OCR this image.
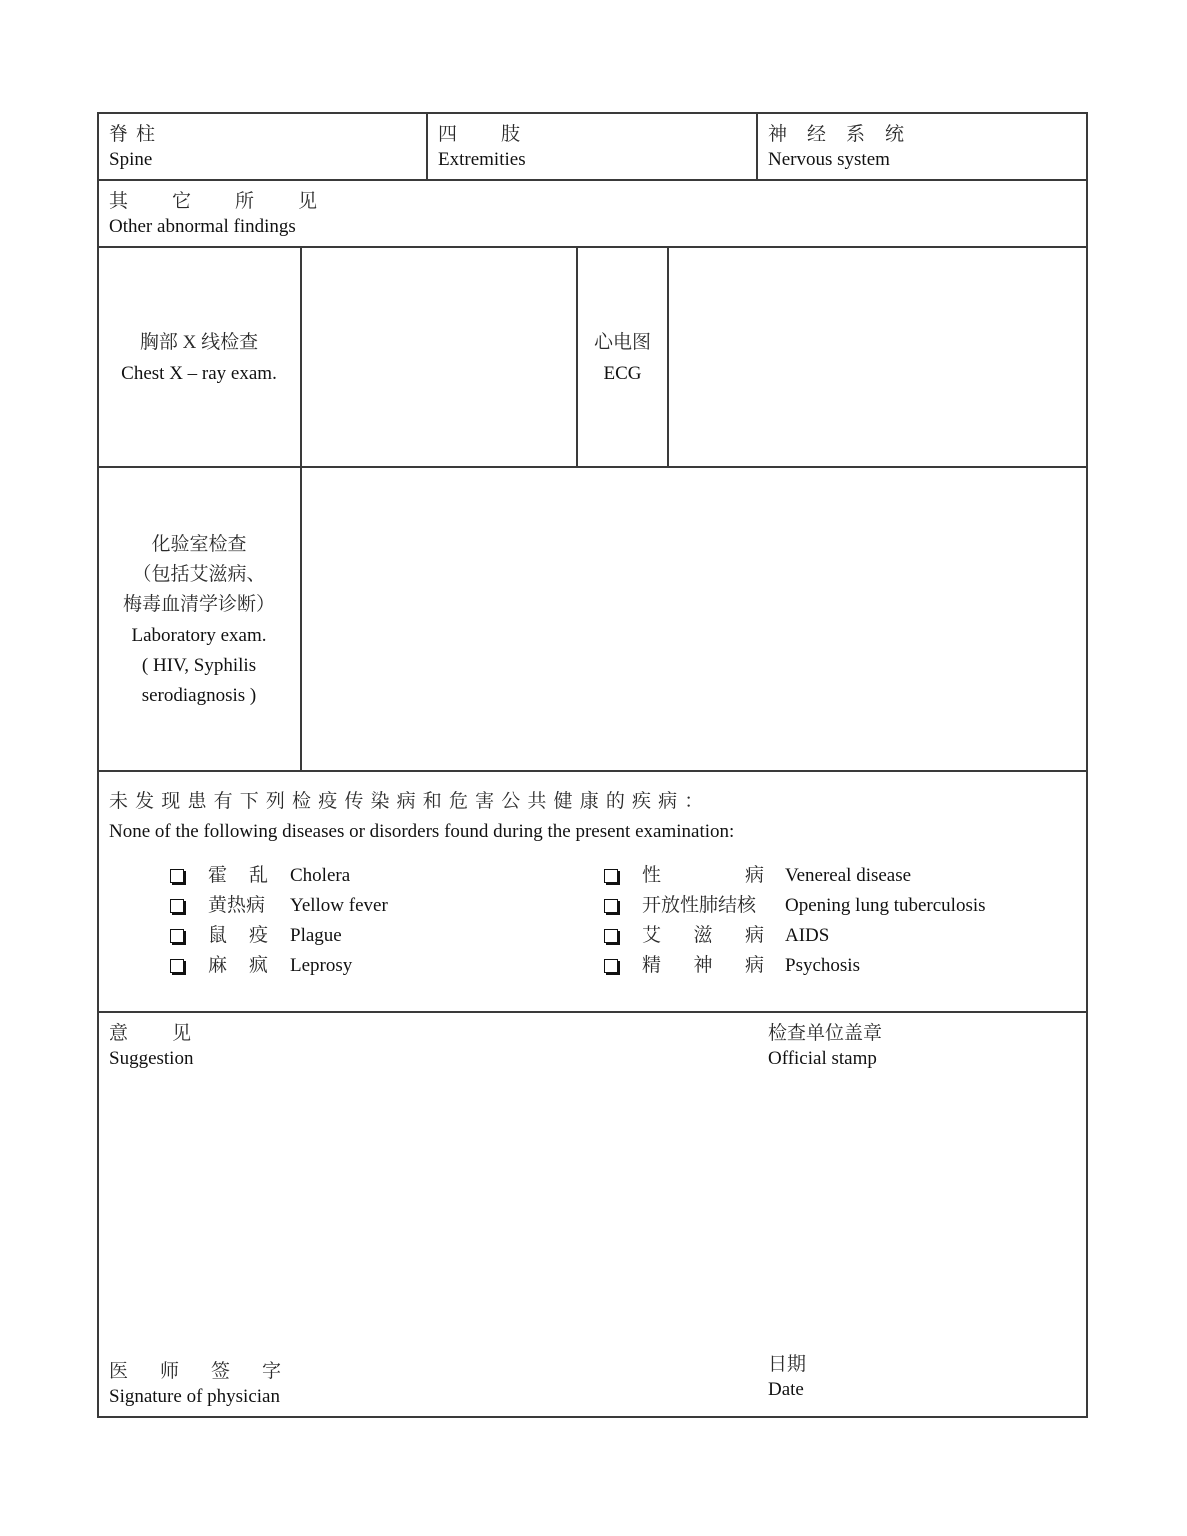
脊 柱
Spine
四 肢
Extremities
神 经 系 统
Nervous system
其 它 所 见
Other abnormal findings
胸部 X 线检查
Chest X – ray exam.
心电图
ECG
化验室检查
（包括艾滋病、
梅毒血清学诊断）
Laboratory exam.
( HIV, Syphilis
serodiagnosis )
未 发 现 患 有 下 列 检 疫 传 染 病 和 危 害 公 共 健 康 的 疾 病 ：
None of the following diseases or disorders found during the present examination:
霍 乱 Cholera
黄热病 Yellow fever
鼠 疫 Plague
麻 疯 Leprosy
性	病 Venereal disease
开放性肺结核 Opening lung tuberculosis
艾 滋 病 AIDS
精 神 病 Psychosis
意 见
Suggestion
检查单位盖章
Official stamp
医 师 签 字
Signature of physician
日期
Date
